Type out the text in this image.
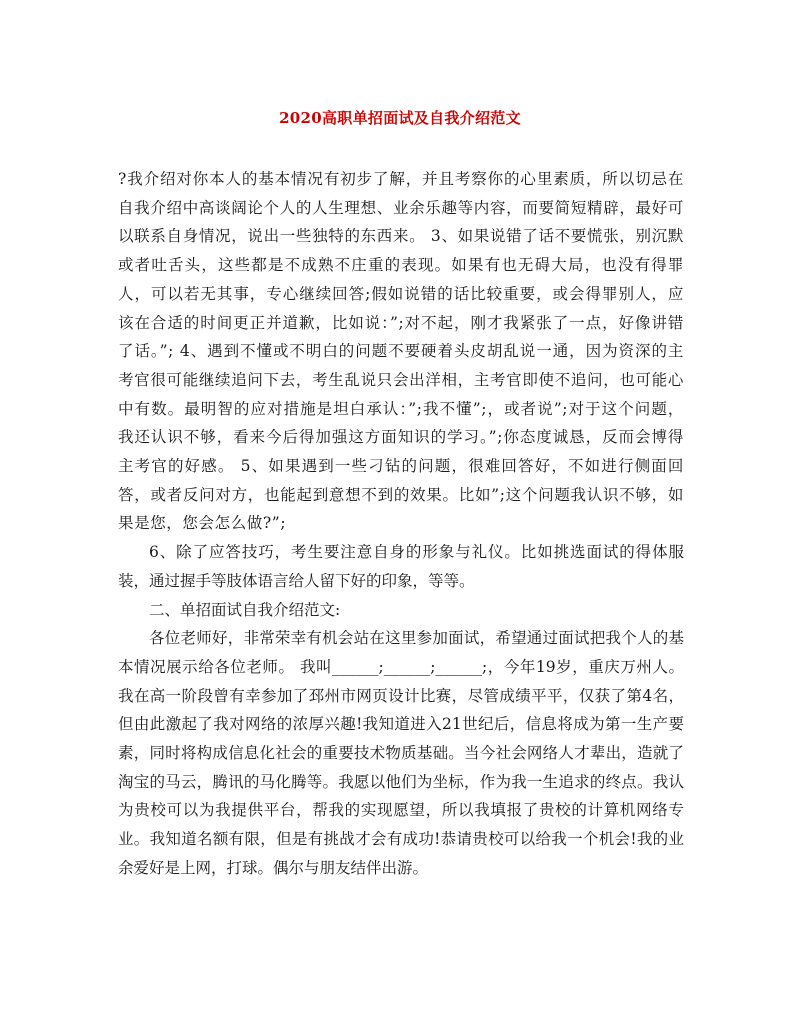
2020高职单招面试及自我介绍范文

?我介绍对你本人的基本情况有初步了解，并且考察你的心里素质，所以切忌在自我介绍中高谈阔论个人的人生理想、业余乐趣等内容，而要简短精辟，最好可以联系自身情况，说出一些独特的东西来。 3、如果说错了话不要慌张，别沉默或者吐舌头，这些都是不成熟不庄重的表现。如果有也无碍大局，也没有得罪人，可以若无其事，专心继续回答;假如说错的话比较重要，或会得罪别人，应该在合适的时间更正并道歉，比如说：”;对不起，刚才我紧张了一点，好像讲错了话。”; 4、遇到不懂或不明白的问题不要硬着头皮胡乱说一通，因为资深的主考官很可能继续追问下去，考生乱说只会出洋相，主考官即使不追问，也可能心中有数。最明智的应对措施是坦白承认：”;我不懂”;，或者说”;对于这个问题，我还认识不够，看来今后得加强这方面知识的学习。”;你态度诚恳，反而会博得主考官的好感。 5、如果遇到一些刁钻的问题，很难回答好，不如进行侧面回答，或者反问对方，也能起到意想不到的效果。比如”;这个问题我认识不够，如果是您，您会怎么做?”;

6、除了应答技巧，考生要注意自身的形象与礼仪。比如挑选面试的得体服装，通过握手等肢体语言给人留下好的印象，等等。

二、单招面试自我介绍范文:

各位老师好，非常荣幸有机会站在这里参加面试，希望通过面试把我个人的基本情况展示给各位老师。 我叫______;______;______;，今年19岁，重庆万州人。我在高一阶段曾有幸参加了邳州市网页设计比赛，尽管成绩平平，仅获了第4名，但由此激起了我对网络的浓厚兴趣!我知道进入21世纪后，信息将成为第一生产要素，同时将构成信息化社会的重要技术物质基础。当今社会网络人才辈出，造就了淘宝的马云，腾讯的马化腾等。我愿以他们为坐标，作为我一生追求的终点。我认为贵校可以为我提供平台，帮我的实现愿望，所以我填报了贵校的计算机网络专业。我知道名额有限，但是有挑战才会有成功!恭请贵校可以给我一个机会!我的业余爱好是上网，打球。偶尔与朋友结伴出游。
